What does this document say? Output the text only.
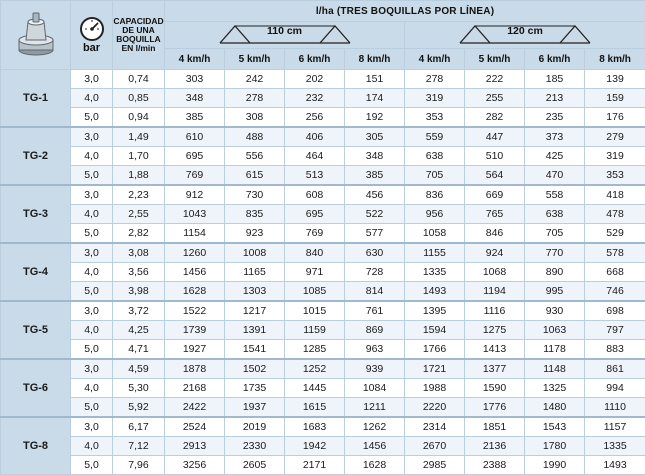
bar	CAPACIDAD
DE UNA
BOQUILLA
EN l/min	l/ha (TRES BOQUILLAS POR LÍNEA)							

			110 cm				120 cm			

			4 km/h	5 km/h	6 km/h	8 km/h	4 km/h	5 km/h	6 km/h	8 km/h
TG-1	3,0	0,74	303	242	202	151	278	222	185	139
	4,0	0,85	348	278	232	174	319	255	213	159
	5,0	0,94	385	308	256	192	353	282	235	176
TG-2	3,0	1,49	610	488	406	305	559	447	373	279
	4,0	1,70	695	556	464	348	638	510	425	319
	5,0	1,88	769	615	513	385	705	564	470	353
TG-3	3,0	2,23	912	730	608	456	836	669	558	418
	4,0	2,55	1043	835	695	522	956	765	638	478
	5,0	2,82	1154	923	769	577	1058	846	705	529
TG-4	3,0	3,08	1260	1008	840	630	1155	924	770	578
	4,0	3,56	1456	1165	971	728	1335	1068	890	668
	5,0	3,98	1628	1303	1085	814	1493	1194	995	746
TG-5	3,0	3,72	1522	1217	1015	761	1395	1116	930	698
	4,0	4,25	1739	1391	1159	869	1594	1275	1063	797
	5,0	4,71	1927	1541	1285	963	1766	1413	1178	883
TG-6	3,0	4,59	1878	1502	1252	939	1721	1377	1148	861
	4,0	5,30	2168	1735	1445	1084	1988	1590	1325	994
	5,0	5,92	2422	1937	1615	1211	2220	1776	1480	1110
TG-8	3,0	6,17	2524	2019	1683	1262	2314	1851	1543	1157
	4,0	7,12	2913	2330	1942	1456	2670	2136	1780	1335
	5,0	7,96	3256	2605	2171	1628	2985	2388	1990	1493
